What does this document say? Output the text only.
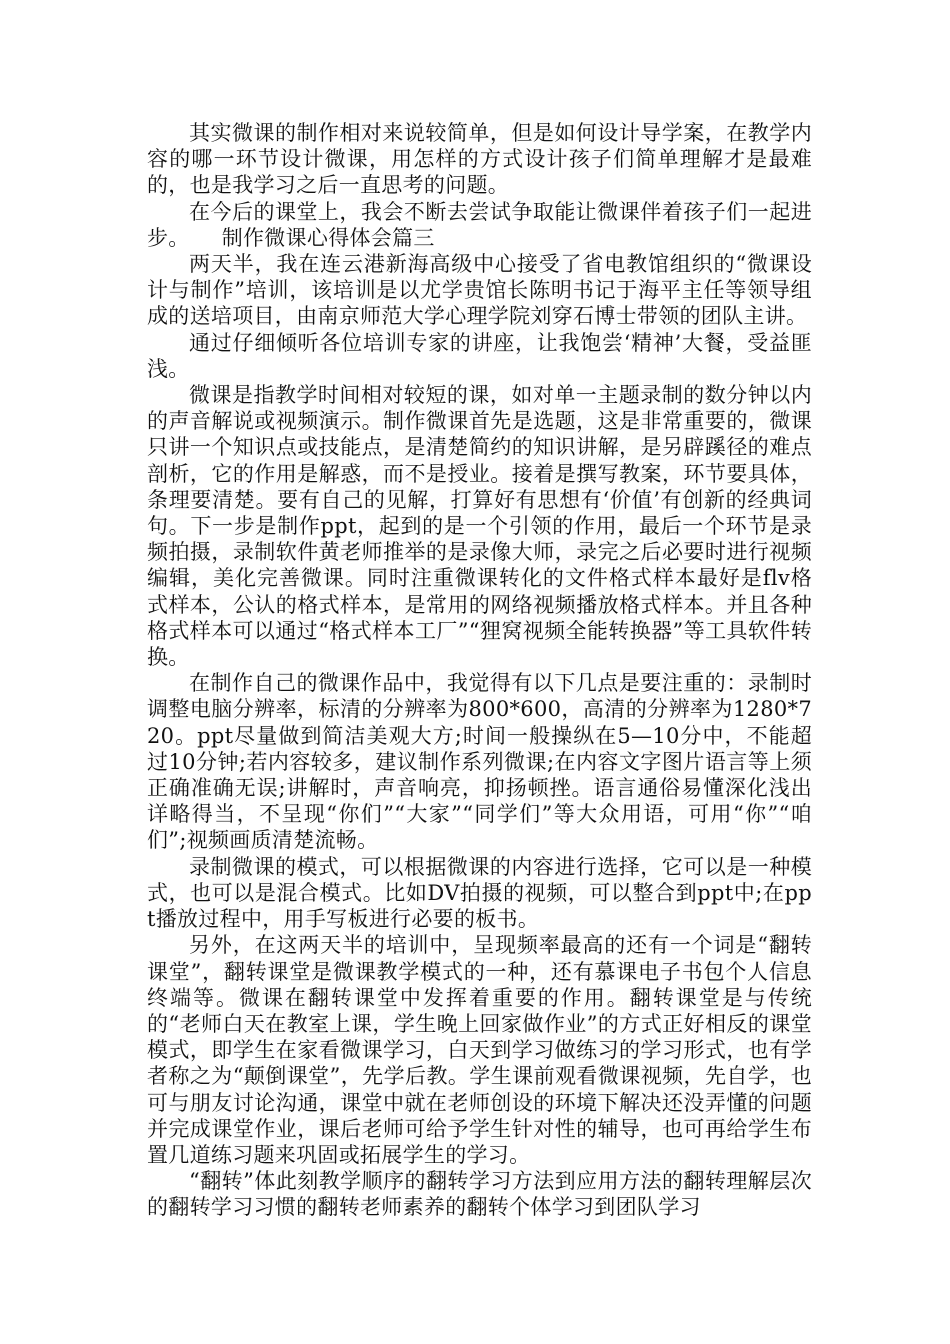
其实微课的制作相对来说较简单，但是如何设计导学案，在教学内容的哪一环节设计微课，用怎样的方式设计孩子们简单理解才是最难的，也是我学习之后一直思考的问题。

在今后的课堂上，我会不断去尝试争取能让微课伴着孩子们一起进步。　　制作微课心得体会篇三

两天半，我在连云港新海高级中心接受了省电教馆组织的“微课设计与制作”培训，该培训是以尤学贵馆长陈明书记于海平主任等领导组成的送培项目，由南京师范大学心理学院刘穿石博士带领的团队主讲。

通过仔细倾听各位培训专家的讲座，让我饱尝‘精神’大餐，受益匪浅。

微课是指教学时间相对较短的课，如对单一主题录制的数分钟以内的声音解说或视频演示。制作微课首先是选题，这是非常重要的，微课只讲一个知识点或技能点，是清楚简约的知识讲解，是另辟蹊径的难点剖析，它的作用是解惑，而不是授业。接着是撰写教案，环节要具体，条理要清楚。要有自己的见解，打算好有思想有‘价值’有创新的经典词句。下一步是制作ppt，起到的是一个引领的作用，最后一个环节是录频拍摄，录制软件黄老师推举的是录像大师，录完之后必要时进行视频编辑，美化完善微课。同时注重微课转化的文件格式样本最好是flv格式样本，公认的格式样本，是常用的网络视频播放格式样本。并且各种格式样本可以通过“格式样本工厂”“狸窝视频全能转换器”等工具软件转换。

在制作自己的微课作品中，我觉得有以下几点是要注重的：录制时调整电脑分辨率，标清的分辨率为800*600，高清的分辨率为1280*720。ppt尽量做到简洁美观大方;时间一般操纵在5—10分中，不能超过10分钟;若内容较多，建议制作系列微课;在内容文字图片语言等上须正确准确无误;讲解时，声音响亮，抑扬顿挫。语言通俗易懂深化浅出详略得当，不呈现“你们”“大家”“同学们”等大众用语，可用“你”“咱们”;视频画质清楚流畅。

录制微课的模式，可以根据微课的内容进行选择，它可以是一种模式，也可以是混合模式。比如DV拍摄的视频，可以整合到ppt中;在ppt播放过程中，用手写板进行必要的板书。

另外，在这两天半的培训中，呈现频率最高的还有一个词是“翻转课堂”，翻转课堂是微课教学模式的一种，还有慕课电子书包个人信息终端等。微课在翻转课堂中发挥着重要的作用。翻转课堂是与传统的“老师白天在教室上课，学生晚上回家做作业”的方式正好相反的课堂模式，即学生在家看微课学习，白天到学习做练习的学习形式，也有学者称之为“颠倒课堂”，先学后教。学生课前观看微课视频，先自学，也可与朋友讨论沟通，课堂中就在老师创设的环境下解决还没弄懂的问题并完成课堂作业，课后老师可给予学生针对性的辅导，也可再给学生布置几道练习题来巩固或拓展学生的学习。

“翻转”体此刻教学顺序的翻转学习方法到应用方法的翻转理解层次的翻转学习习惯的翻转老师素养的翻转个体学习到团队学习
